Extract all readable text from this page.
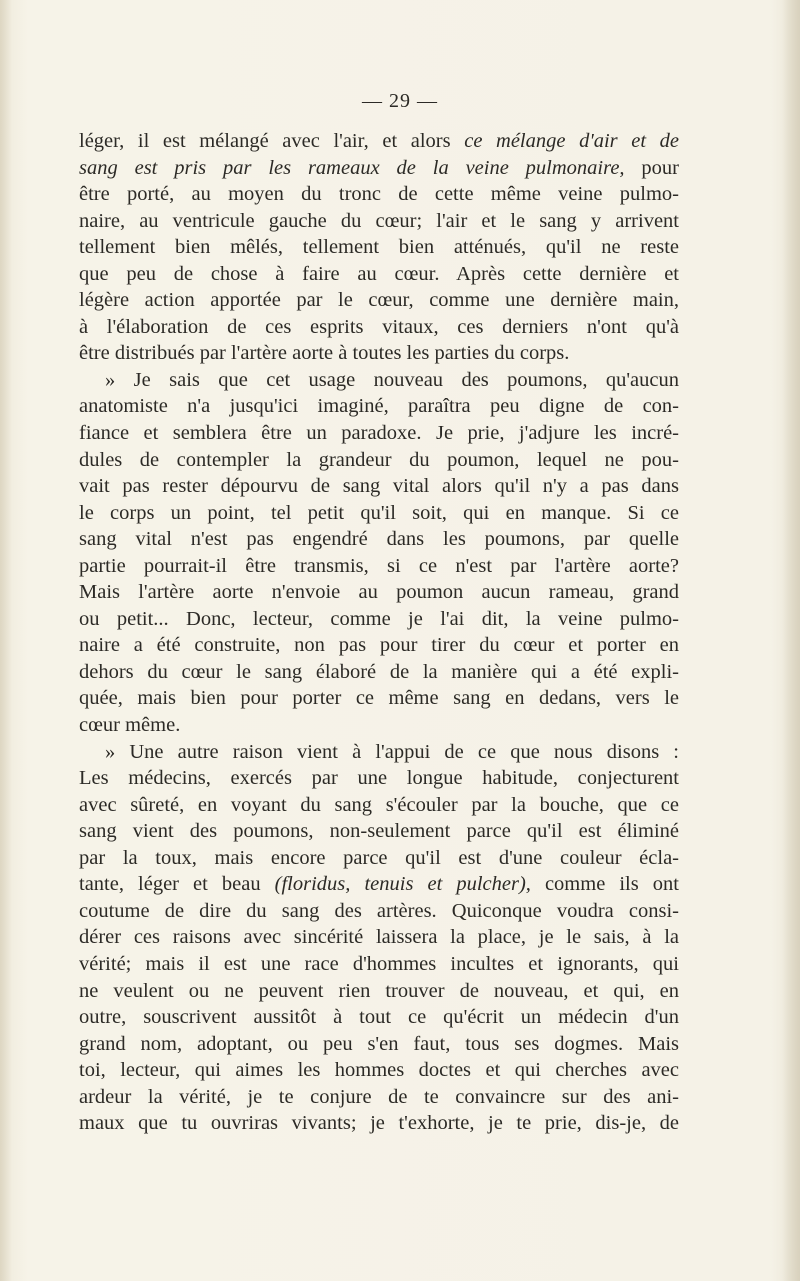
— 29 —
léger, il est mélangé avec l'air, et alors ce mélange d'air et de
sang est pris par les rameaux de la veine pulmonaire, pour
être porté, au moyen du tronc de cette même veine pulmo-
naire, au ventricule gauche du cœur; l'air et le sang y arrivent
tellement bien mêlés, tellement bien atténués, qu'il ne reste
que peu de chose à faire au cœur. Après cette dernière et
légère action apportée par le cœur, comme une dernière main,
à l'élaboration de ces esprits vitaux, ces derniers n'ont qu'à
être distribués par l'artère aorte à toutes les parties du corps.
» Je sais que cet usage nouveau des poumons, qu'aucun
anatomiste n'a jusqu'ici imaginé, paraîtra peu digne de con-
fiance et semblera être un paradoxe. Je prie, j'adjure les incré-
dules de contempler la grandeur du poumon, lequel ne pou-
vait pas rester dépourvu de sang vital alors qu'il n'y a pas dans
le corps un point, tel petit qu'il soit, qui en manque. Si ce
sang vital n'est pas engendré dans les poumons, par quelle
partie pourrait-il être transmis, si ce n'est par l'artère aorte?
Mais l'artère aorte n'envoie au poumon aucun rameau, grand
ou petit... Donc, lecteur, comme je l'ai dit, la veine pulmo-
naire a été construite, non pas pour tirer du cœur et porter en
dehors du cœur le sang élaboré de la manière qui a été expli-
quée, mais bien pour porter ce même sang en dedans, vers le
cœur même.
» Une autre raison vient à l'appui de ce que nous disons :
Les médecins, exercés par une longue habitude, conjecturent
avec sûreté, en voyant du sang s'écouler par la bouche, que ce
sang vient des poumons, non-seulement parce qu'il est éliminé
par la toux, mais encore parce qu'il est d'une couleur écla-
tante, léger et beau (floridus, tenuis et pulcher), comme ils ont
coutume de dire du sang des artères. Quiconque voudra consi-
dérer ces raisons avec sincérité laissera la place, je le sais, à la
vérité; mais il est une race d'hommes incultes et ignorants, qui
ne veulent ou ne peuvent rien trouver de nouveau, et qui, en
outre, souscrivent aussitôt à tout ce qu'écrit un médecin d'un
grand nom, adoptant, ou peu s'en faut, tous ses dogmes. Mais
toi, lecteur, qui aimes les hommes doctes et qui cherches avec
ardeur la vérité, je te conjure de te convaincre sur des ani-
maux que tu ouvriras vivants; je t'exhorte, je te prie, dis-je, de
